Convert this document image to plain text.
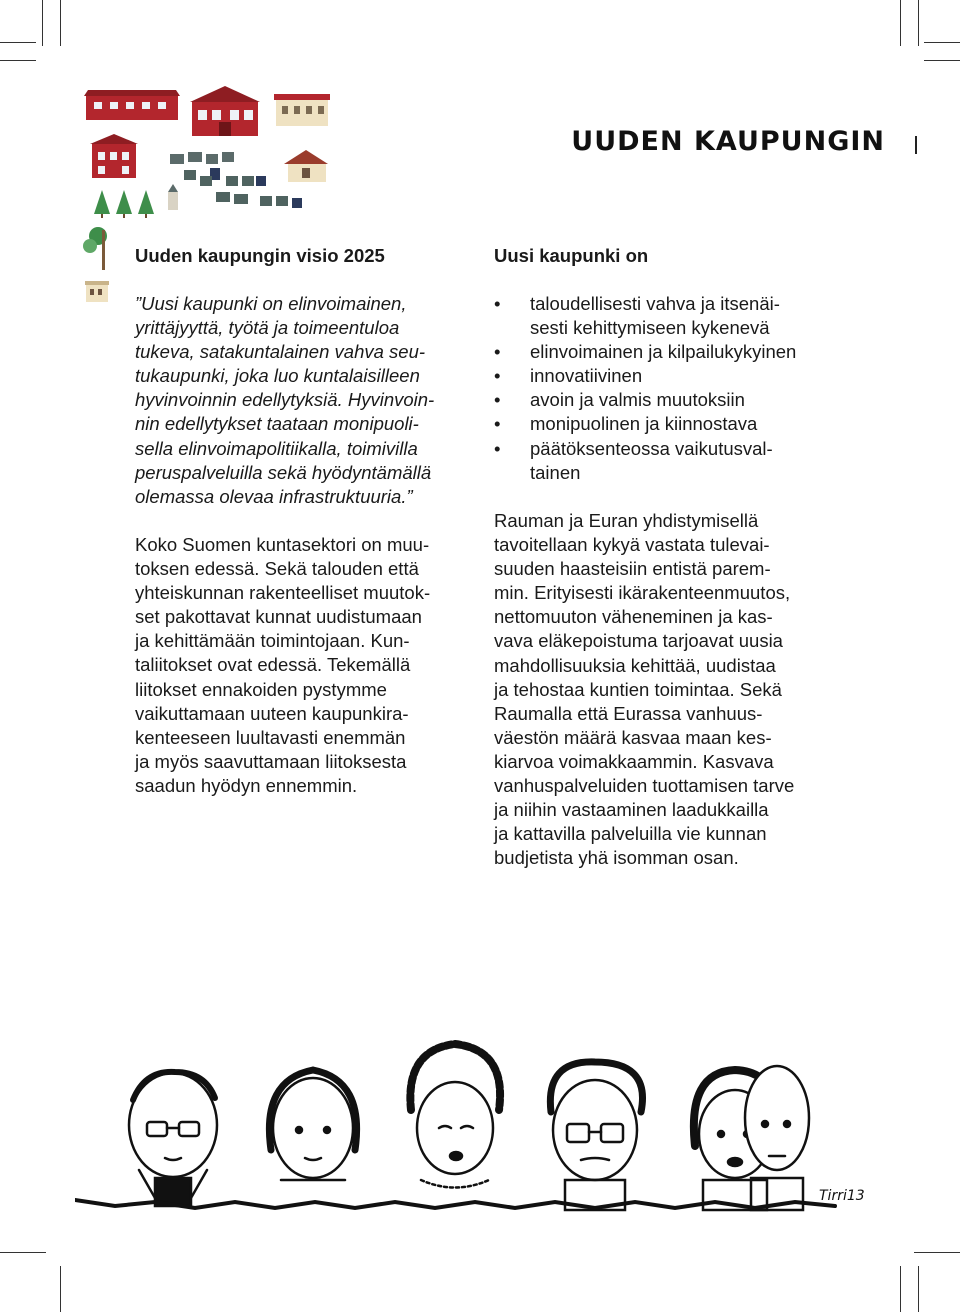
UUDEN KAUPUNGIN
Uuden kaupungin visio 2025
”Uusi kaupunki on elinvoimainen,
yrittäjyyttä, työtä ja toimeentuloa
tukeva, satakuntalainen vahva seu-
tukaupunki, joka luo kuntalaisilleen
hyvinvoinnin edellytyksiä. Hyvinvoin-
nin edellytykset taataan monipuoli-
sella elinvoimapolitiikalla, toimivilla
peruspalveluilla sekä hyödyntämällä
olemassa olevaa infrastruktuuria.”
Koko Suomen kuntasektori on muu-
toksen edessä. Sekä talouden että
yhteiskunnan rakenteelliset muutok-
set pakottavat kunnat uudistumaan
ja kehittämään toimintojaan. Kun-
taliitokset ovat edessä. Tekemällä
liitokset ennakoiden pystymme
vaikuttamaan uuteen kaupunkira-
kenteeseen luultavasti enemmän
ja myös saavuttamaan liitoksesta
saadun hyödyn ennemmin.
Uusi kaupunki on
• taloudellisesti vahva ja itsenäi-
sesti kehittymiseen kykenevä
• elinvoimainen ja kilpailukykyinen
• innovatiivinen
• avoin ja valmis muutoksiin
• monipuolinen ja kiinnostava
• päätöksenteossa vaikutusval-
tainen
Rauman ja Euran yhdistymisellä
tavoitellaan kykyä vastata tulevai-
suuden haasteisiin entistä parem-
min. Erityisesti ikärakenteenmuutos,
nettomuuton väheneminen ja kas-
vava eläkepoistuma tarjoavat uusia
mahdollisuuksia kehittää, uudistaa
ja tehostaa kuntien toimintaa. Sekä
Raumalla että Eurassa vanhuus-
väestön määrä kasvaa maan kes-
kiarvoa voimakkaammin. Kasvava
vanhuspalveluiden tuottamisen tarve
ja niihin vastaaminen laadukkailla
ja kattavilla palveluilla vie kunnan
budjetista yhä isomman osan.
Tirri13
